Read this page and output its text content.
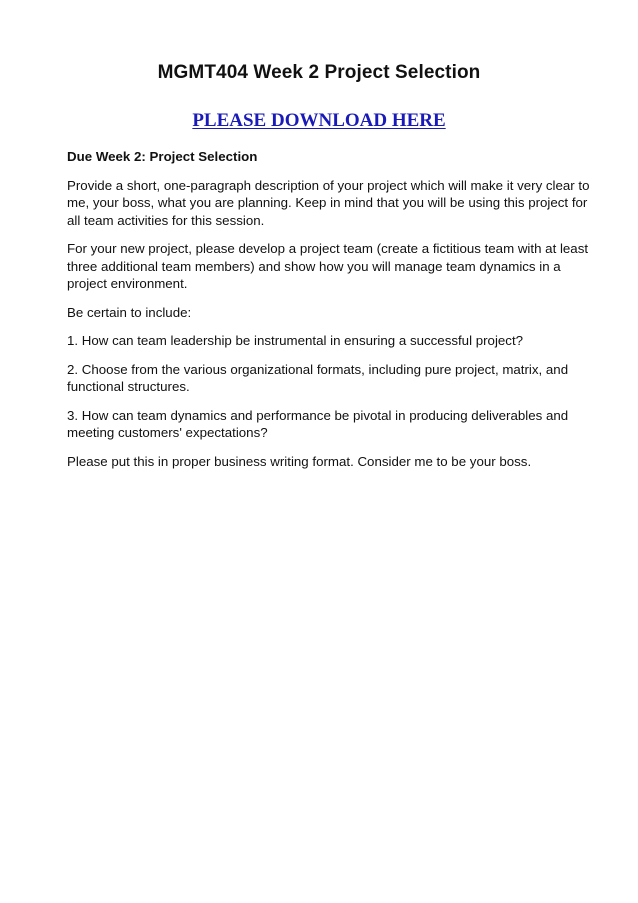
MGMT404 Week 2 Project Selection
PLEASE DOWNLOAD HERE

Due Week 2: Project Selection

Provide a short, one-paragraph description of your project which will make it very clear to me, your boss, what you are planning. Keep in mind that you will be using this project for all team activities for this session.

For your new project, please develop a project team (create a fictitious team with at least three additional team members) and show how you will manage team dynamics in a project environment.

Be certain to include:

1. How can team leadership be instrumental in ensuring a successful project?

2. Choose from the various organizational formats, including pure project, matrix, and functional structures.

3. How can team dynamics and performance be pivotal in producing deliverables and meeting customers' expectations?

Please put this in proper business writing format. Consider me to be your boss.
